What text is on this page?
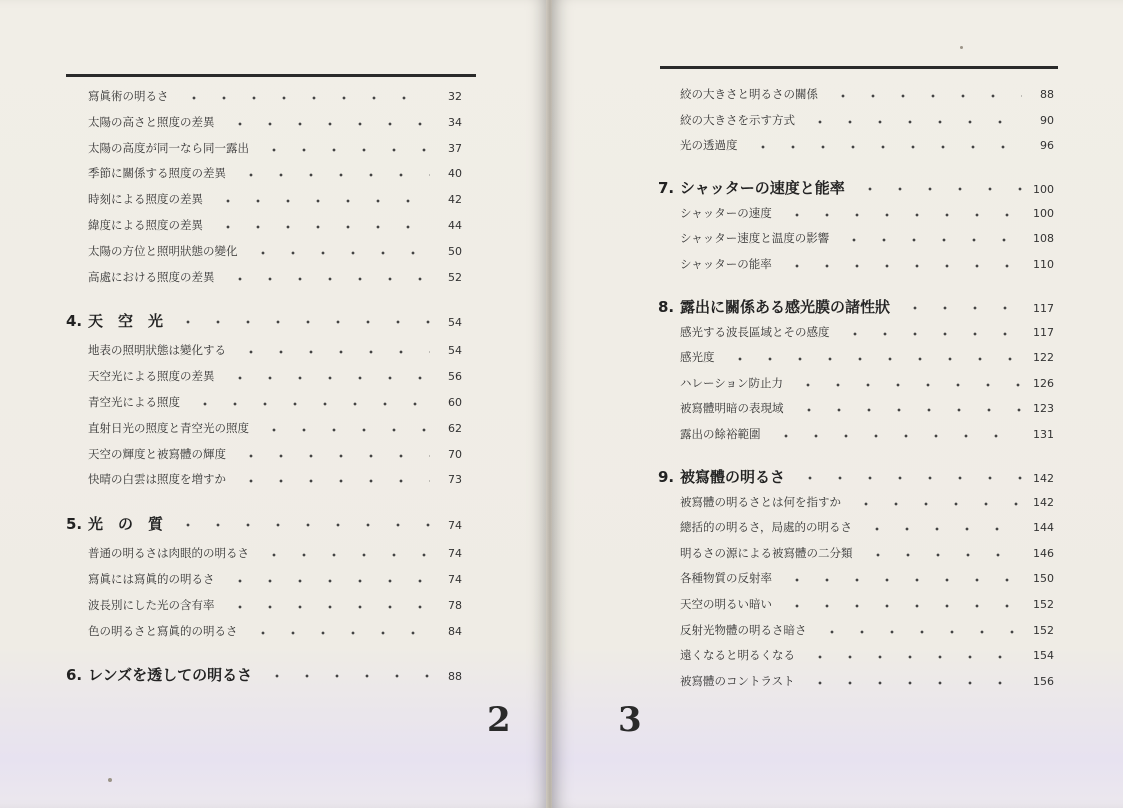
寫眞術の明るさ	32
太陽の高さと照度の差異	34
太陽の高度が同一なら同一露出	37
季節に關係する照度の差異	40
時刻による照度の差異	42
緯度による照度の差異	44
太陽の方位と照明狀態の變化	50
高處における照度の差異	52
4. 天　空　光	54
地表の照明狀態は變化する	54
天空光による照度の差異	56
青空光による照度	60
直射日光の照度と青空光の照度	62
天空の輝度と被寫體の輝度	70
快晴の白雲は照度を増すか	73
5. 光　の　質	74
普通の明るさは肉眼的の明るさ	74
寫眞には寫眞的の明るさ	74
波長別にした光の含有率	78
色の明るさと寫眞的の明るさ	84
6. レンズを透しての明るさ	88
2
絞の大きさと明るさの關係	88
絞の大きさを示す方式	90
光の透過度	96
7. シャッターの速度と能率	100
シャッターの速度	100
シャッター速度と温度の影響	108
シャッターの能率	110
8. 露出に關係ある感光膜の諸性狀	117
感光する波長區域とその感度	117
感光度	122
ハレーション防止力	126
被寫體明暗の表現域	123
露出の餘裕範圍	131
9. 被寫體の明るさ	142
被寫體の明るさとは何を指すか	142
總括的の明るさ，局處的の明るさ	144
明るさの源による被寫體の二分類	146
各種物質の反射率	150
天空の明るい暗い	152
反射光物體の明るさ暗さ	152
遠くなると明るくなる	154
被寫體のコントラスト	156
3
